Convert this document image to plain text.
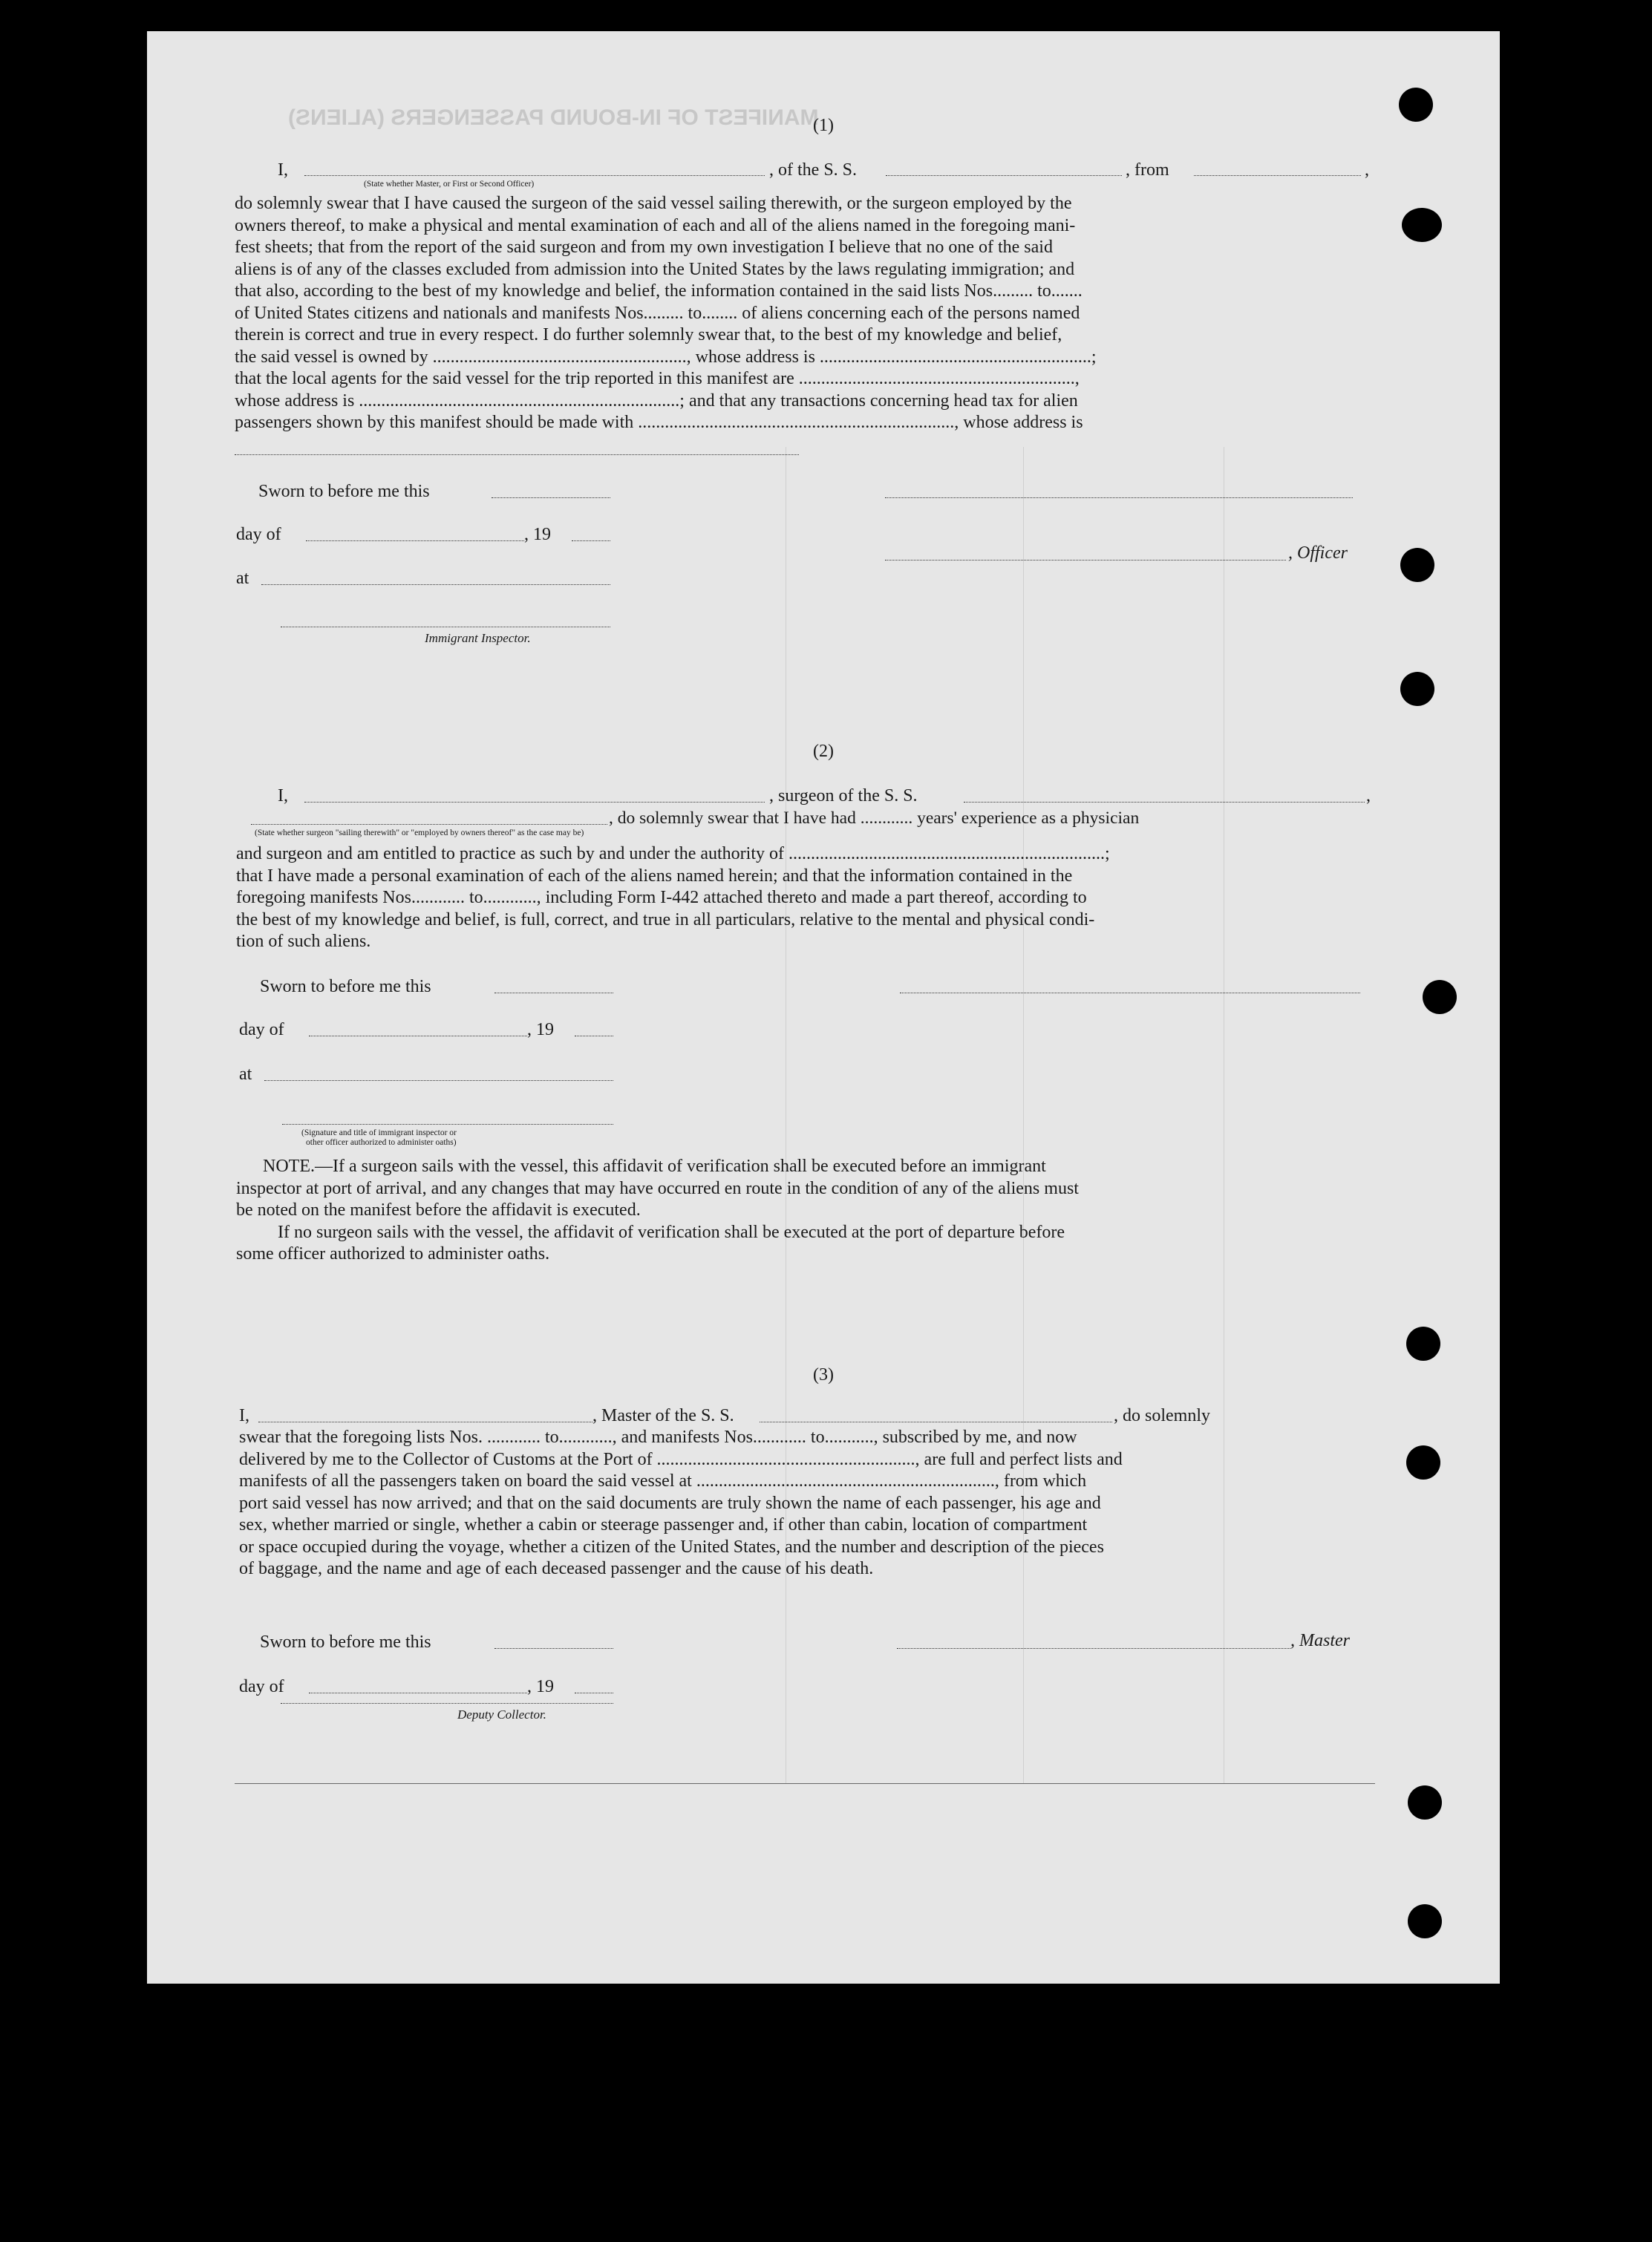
MANIFEST OF IN-BOUND PASSENGERS (ALIENS)
(1)
I,	, of the S. S.	, from	,
(State whether Master, or First or Second Officer)
do solemnly swear that I have caused the surgeon of the said vessel sailing therewith, or the surgeon employed by the
owners thereof, to make a physical and mental examination of each and all of the aliens named in the foregoing mani-
fest sheets; that from the report of the said surgeon and from my own investigation I believe that no one of the said
aliens is of any of the classes excluded from admission into the United States by the laws regulating immigration; and
that also, according to the best of my knowledge and belief, the information contained in the said lists Nos......... to.......
of United States citizens and nationals and manifests Nos......... to........ of aliens concerning each of the persons named
therein is correct and true in every respect. I do further solemnly swear that, to the best of my knowledge and belief,
the said vessel is owned by ........................................................., whose address is .............................................................;
that the local agents for the said vessel for the trip reported in this manifest are ..............................................................,
whose address is ........................................................................; and that any transactions concerning head tax for alien
passengers shown by this manifest should be made with ......................................................................., whose address is
Sworn to before me this
day of	, 19
, Officer
at
Immigrant Inspector.
(2)
I,	, surgeon of the S. S.	,
, do solemnly swear that I have had ............ years' experience as a physician
(State whether surgeon "sailing therewith" or "employed by owners thereof" as the case may be)
and surgeon and am entitled to practice as such by and under the authority of .......................................................................;
that I have made a personal examination of each of the aliens named herein; and that the information contained in the
foregoing manifests Nos............ to............, including Form I-442 attached thereto and made a part thereof, according to
the best of my knowledge and belief, is full, correct, and true in all particulars, relative to the mental and physical condi-
tion of such aliens.
Sworn to before me this
day of	, 19
at
(Signature and title of immigrant inspector or
other officer authorized to administer oaths)
NOTE.—If a surgeon sails with the vessel, this affidavit of verification shall be executed before an immigrant
inspector at port of arrival, and any changes that may have occurred en route in the condition of any of the aliens must
be noted on the manifest before the affidavit is executed.
If no surgeon sails with the vessel, the affidavit of verification shall be executed at the port of departure before
some officer authorized to administer oaths.
(3)
I,	, Master of the S. S.	, do solemnly
swear that the foregoing lists Nos. ............ to............, and manifests Nos............ to..........., subscribed by me, and now
delivered by me to the Collector of Customs at the Port of .........................................................., are full and perfect lists and
manifests of all the passengers taken on board the said vessel at ..................................................................., from which
port said vessel has now arrived; and that on the said documents are truly shown the name of each passenger, his age and
sex, whether married or single, whether a cabin or steerage passenger and, if other than cabin, location of compartment
or space occupied during the voyage, whether a citizen of the United States, and the number and description of the pieces
of baggage, and the name and age of each deceased passenger and the cause of his death.
Sworn to before me this	, Master
day of	, 19
Deputy Collector.
